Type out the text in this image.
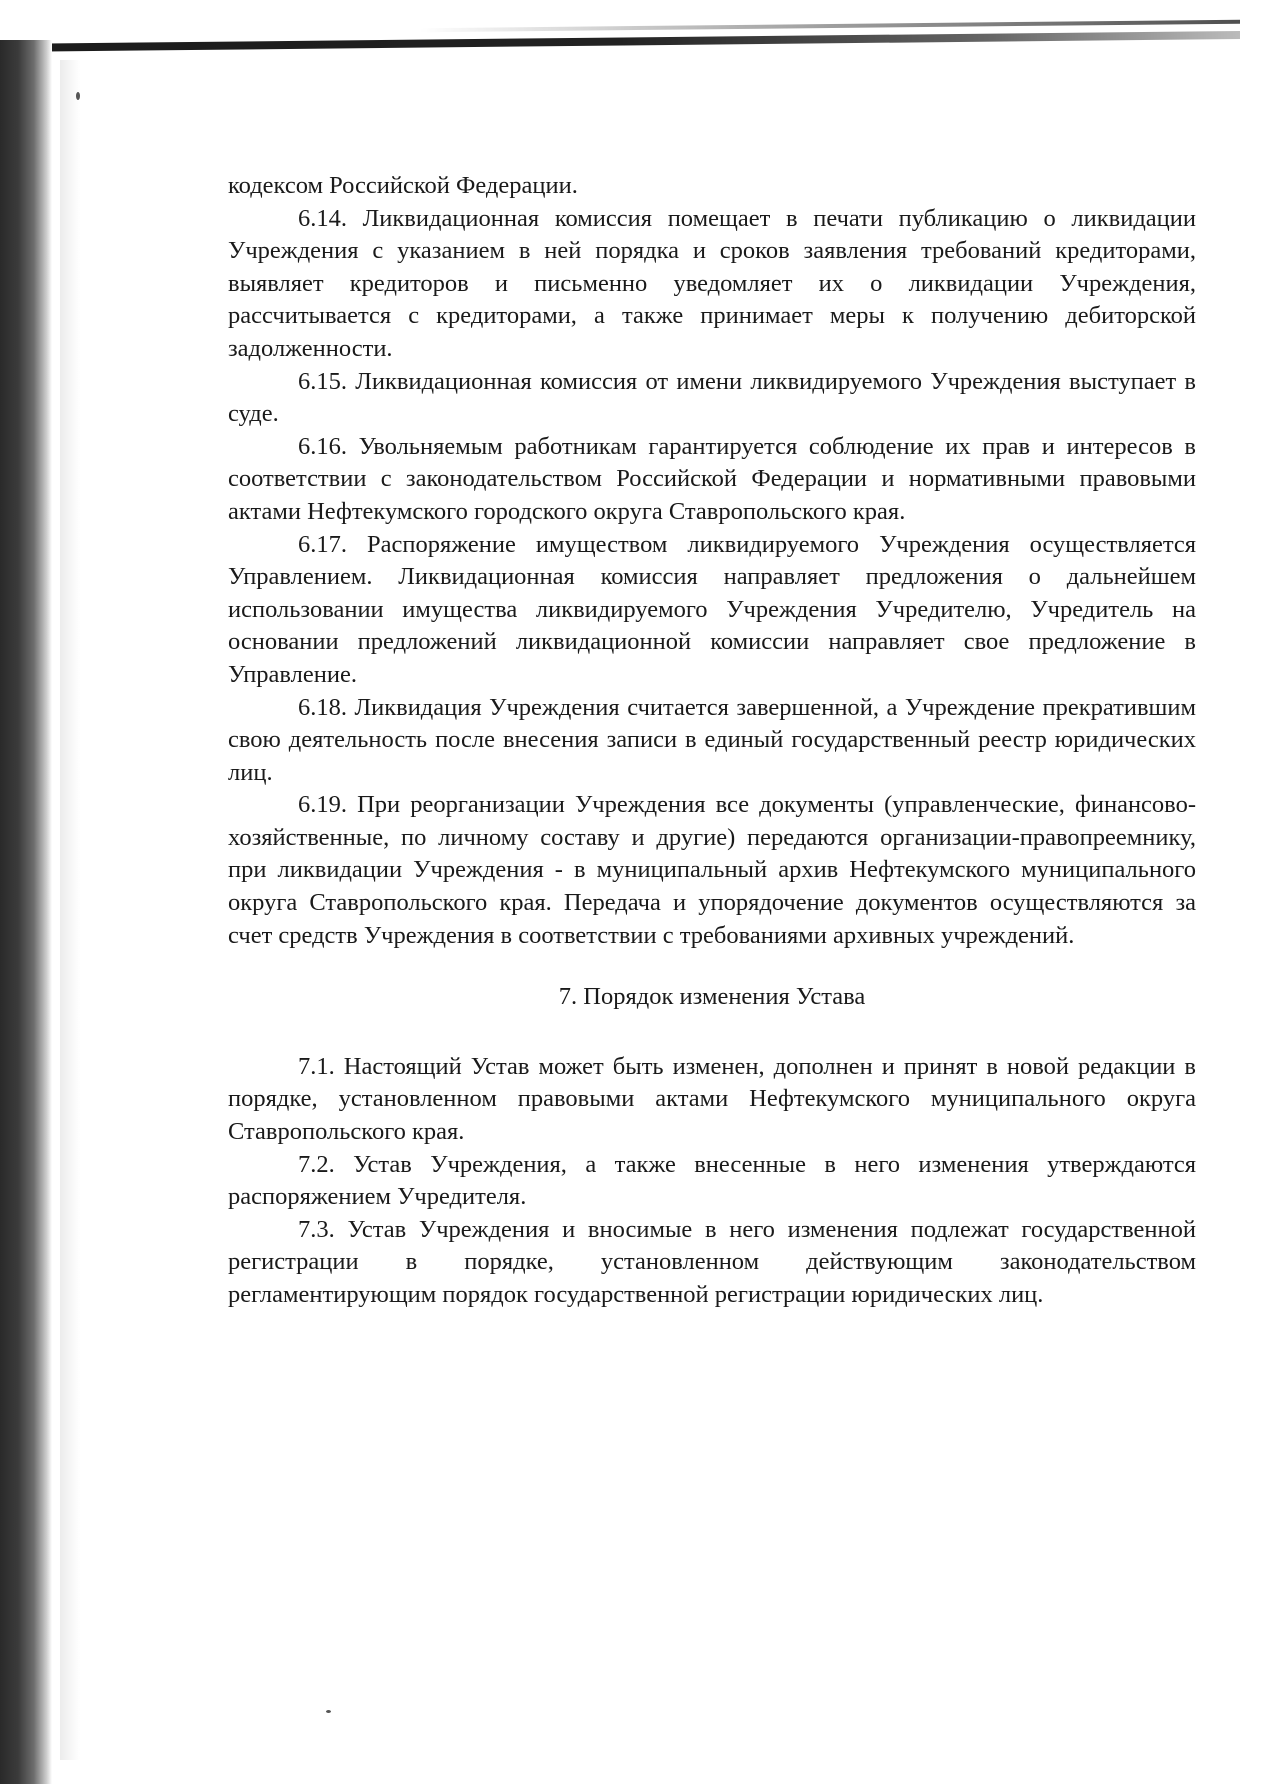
кодексом Российской Федерации.

6.14. Ликвидационная комиссия помещает в печати публикацию о ликвидации Учреждения с указанием в ней порядка и сроков заявления требований кредиторами, выявляет кредиторов и письменно уведомляет их о ликвидации Учреждения, рассчитывается с кредиторами, а также принимает меры к получению дебиторской задолженности.

6.15. Ликвидационная комиссия от имени ликвидируемого Учреждения выступает в суде.

6.16. Увольняемым работникам гарантируется соблюдение их прав и интересов в соответствии с законодательством Российской Федерации и нормативными правовыми актами Нефтекумского городского округа Ставропольского края.

6.17. Распоряжение имуществом ликвидируемого Учреждения осуществляется Управлением. Ликвидационная комиссия направляет предложения о дальнейшем использовании имущества ликвидируемого Учреждения Учредителю, Учредитель на основании предложений ликвидационной комиссии направляет свое предложение в Управление.

6.18. Ликвидация Учреждения считается завершенной, а Учреждение прекратившим свою деятельность после внесения записи в единый государственный реестр юридических лиц.

6.19. При реорганизации Учреждения все документы (управленческие, финансово-хозяйственные, по личному составу и другие) передаются организации-правопреемнику, при ликвидации Учреждения - в муниципальный архив Нефтекумского муниципального округа Ставропольского края. Передача и упорядочение документов осуществляются за счет средств Учреждения в соответствии с требованиями архивных учреждений.

7. Порядок изменения Устава

7.1. Настоящий Устав может быть изменен, дополнен и принят в новой редакции в порядке, установленном правовыми актами Нефтекумского муниципального округа Ставропольского края.

7.2. Устав Учреждения, а также внесенные в него изменения утверждаются распоряжением Учредителя.

7.3. Устав Учреждения и вносимые в него изменения подлежат государственной регистрации в порядке, установленном действующим законодательством регламентирующим порядок государственной регистрации юридических лиц.
